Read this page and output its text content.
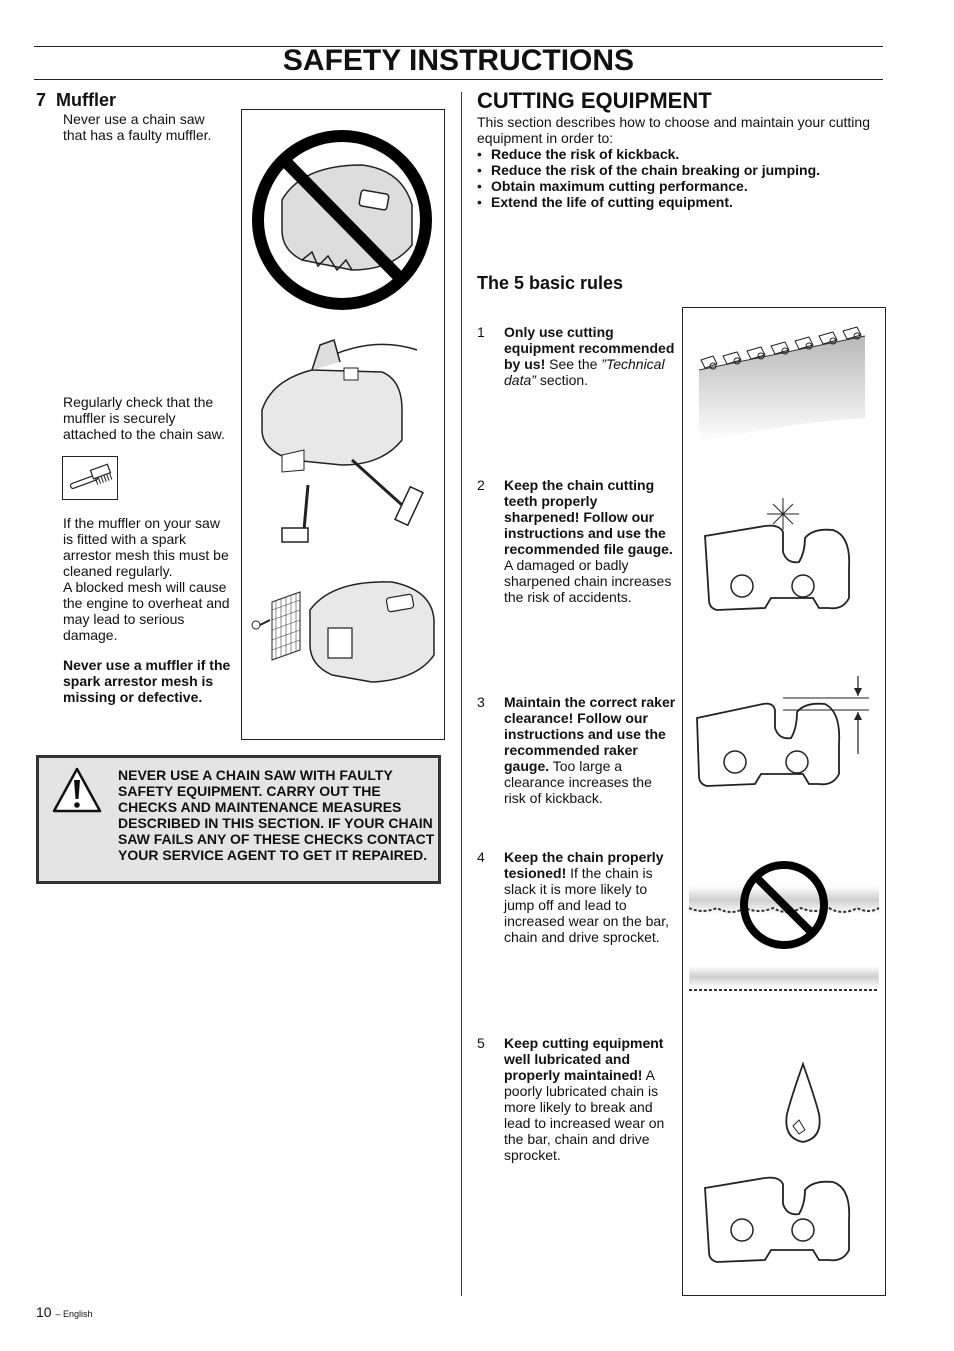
SAFETY INSTRUCTIONS
7 Muffler
Never use a chain saw that has a faulty muffler.
Regularly check that the muffler is securely attached to the chain saw.
If the muffler on your saw is fitted with a spark arrestor mesh this must be cleaned regularly.
A blocked mesh will cause the engine to overheat and may lead to serious damage.
Never use a muffler if the spark arrestor mesh is missing or defective.
NEVER USE A CHAIN SAW WITH FAULTY SAFETY EQUIPMENT. CARRY OUT THE CHECKS AND MAINTENANCE MEASURES DESCRIBED IN THIS SECTION. IF YOUR CHAIN SAW FAILS ANY OF THESE CHECKS CONTACT YOUR SERVICE AGENT TO GET IT REPAIRED.
CUTTING EQUIPMENT
This section describes how to choose and maintain your cutting equipment in order to:
• Reduce the risk of kickback.
• Reduce the risk of the chain breaking or jumping.
• Obtain maximum cutting performance.
• Extend the life of cutting equipment.
The 5 basic rules
1 Only use cutting equipment recommended by us! See the ”Technical data” section.
2 Keep the chain cutting teeth properly sharpened! Follow our instructions and use the recommended file gauge. A damaged or badly sharpened chain increases the risk of accidents.
3 Maintain the correct raker clearance! Follow our instructions and use the recommended raker gauge. Too large a clearance increases the risk of kickback.
4 Keep the chain properly tesioned! If the chain is slack it is more likely to jump off and lead to increased wear on the bar, chain and drive sprocket.
5 Keep cutting equipment well lubricated and properly maintained! A poorly lubricated chain is more likely to break and lead to increased wear on the bar, chain and drive sprocket.
10 – English
